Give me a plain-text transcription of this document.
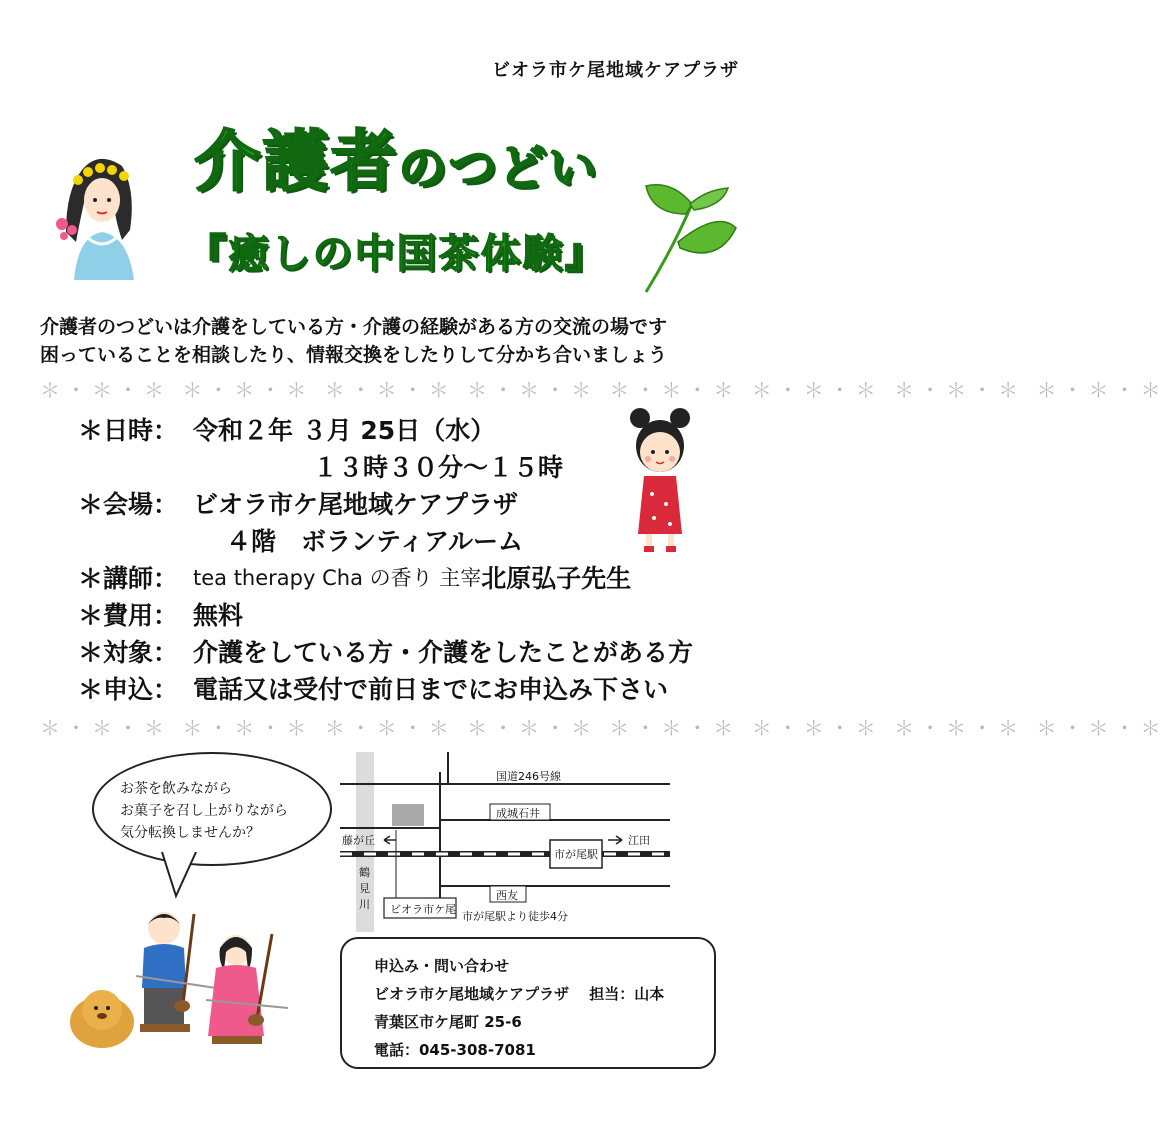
ビオラ市ケ尾地域ケアプラザ
介護者のつどい
『癒しの中国茶体験』
介護者のつどいは介護をしている方・介護の経験がある方の交流の場です
困っていることを相談したり、情報交換をしたりして分かち合いましょう
＊・＊・＊ ＊・＊・＊ ＊・＊・＊ ＊・＊・＊ ＊・＊・＊ ＊・＊・＊ ＊・＊・＊ ＊・＊・＊
＊日時： 令和２年 ３月 25日（水）
１３時３０分～１５時
＊会場： ビオラ市ケ尾地域ケアプラザ
４階　ボランティアルーム
＊講師： tea therapy Cha の香り 主宰 北原弘子先生
＊費用： 無料
＊対象： 介護をしている方・介護をしたことがある方
＊申込： 電話又は受付で前日までにお申込み下さい
＊・＊・＊ ＊・＊・＊ ＊・＊・＊ ＊・＊・＊ ＊・＊・＊ ＊・＊・＊ ＊・＊・＊ ＊・＊・＊
お茶を飲みながら
お菓子を召し上がりながら
気分転換しませんか？
国道246号線
成城石井
藤が丘
市が尾駅
江田
鶴
見
川
西友
ビオラ市ケ尾
市が尾駅より徒歩4分
申込み・問い合わせ
ビオラ市ケ尾地域ケアプラザ　 担当：山本
青葉区市ケ尾町 25-6
電話：045-308-7081
